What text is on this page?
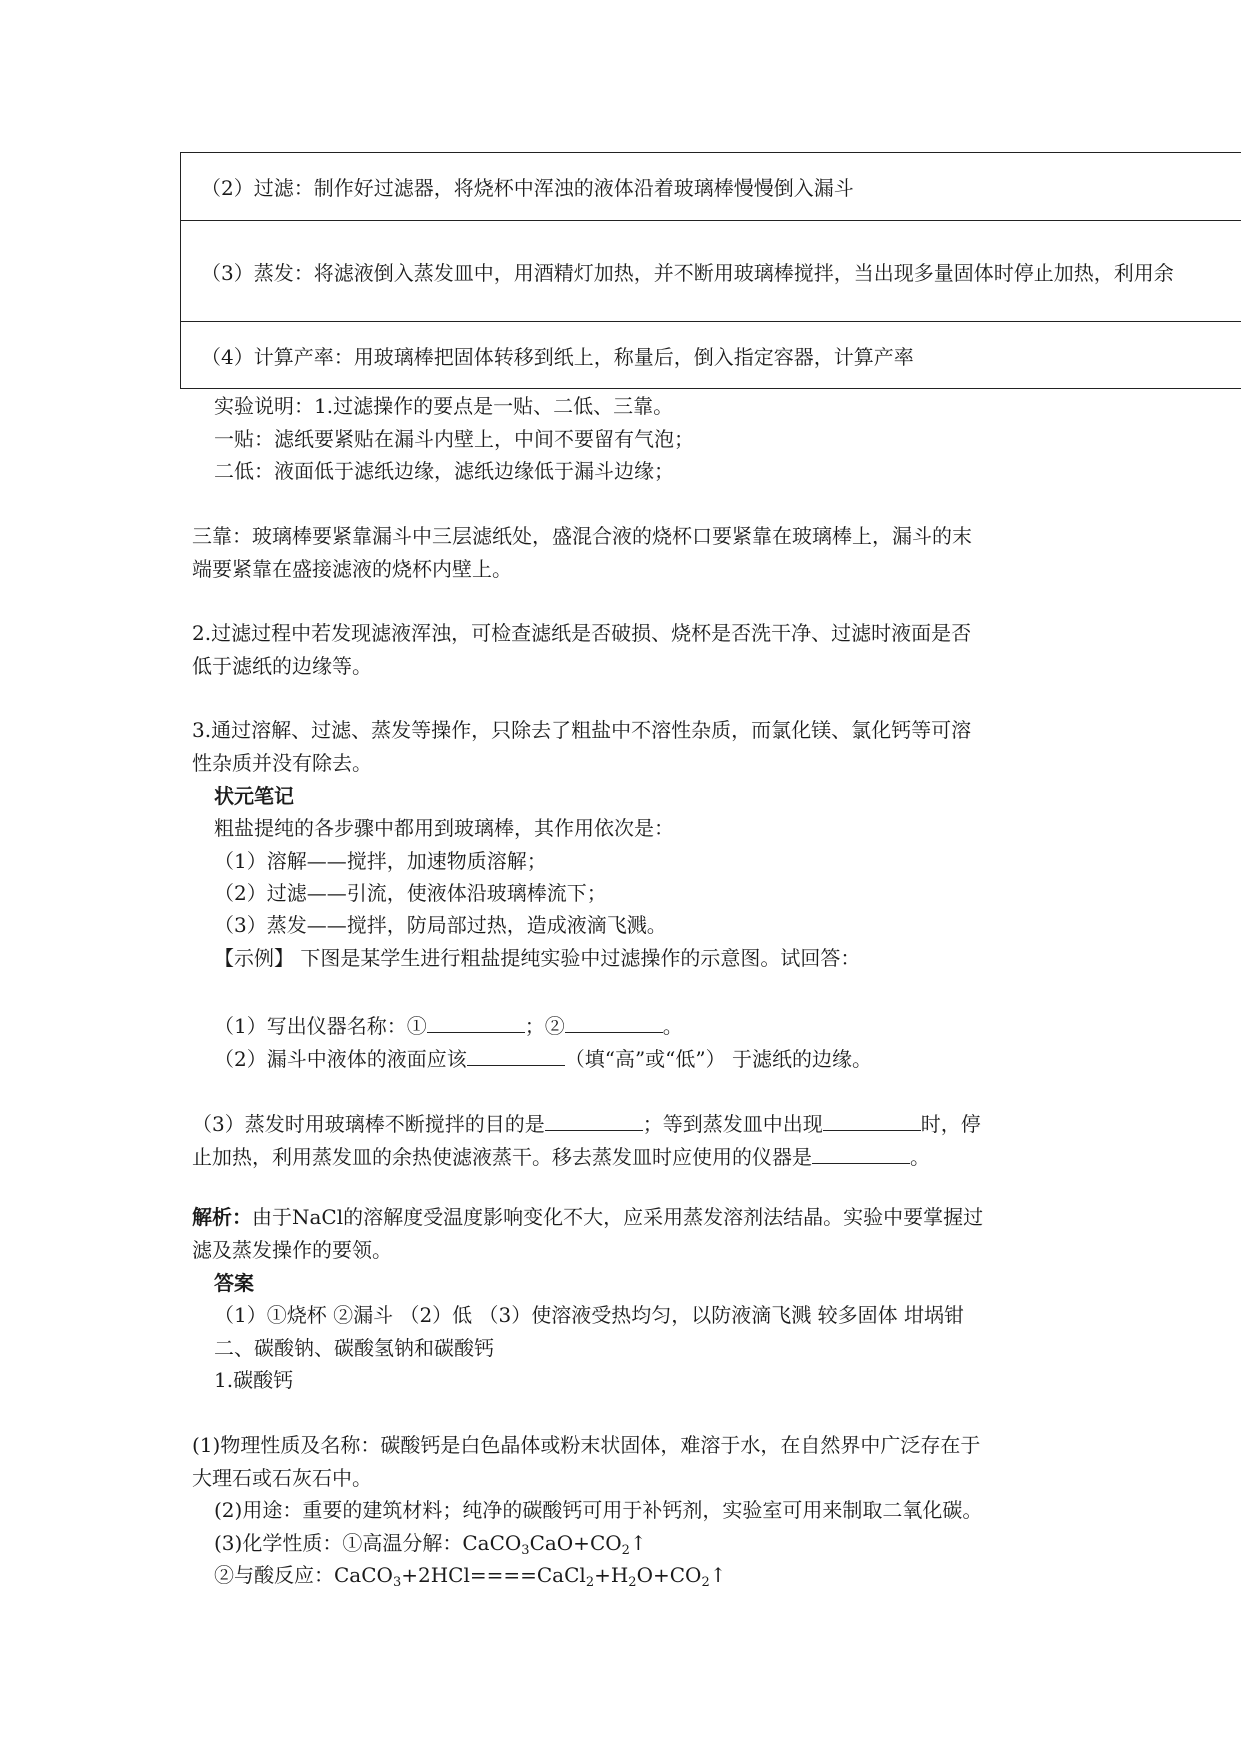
（2）过滤：制作好过滤器，将烧杯中浑浊的液体沿着玻璃棒慢慢倒入漏斗
（3）蒸发：将滤液倒入蒸发皿中，用酒精灯加热，并不断用玻璃棒搅拌，当出现多量固体时停止加热，利用余
（4）计算产率：用玻璃棒把固体转移到纸上，称量后，倒入指定容器，计算产率
实验说明：1.过滤操作的要点是一贴、二低、三靠。
一贴：滤纸要紧贴在漏斗内壁上，中间不要留有气泡；
二低：液面低于滤纸边缘，滤纸边缘低于漏斗边缘；
三靠：玻璃棒要紧靠漏斗中三层滤纸处，盛混合液的烧杯口要紧靠在玻璃棒上，漏斗的末
端要紧靠在盛接滤液的烧杯内壁上。
2.过滤过程中若发现滤液浑浊，可检查滤纸是否破损、烧杯是否洗干净、过滤时液面是否
低于滤纸的边缘等。
3.通过溶解、过滤、蒸发等操作，只除去了粗盐中不溶性杂质，而氯化镁、氯化钙等可溶
性杂质并没有除去。
状元笔记
粗盐提纯的各步骤中都用到玻璃棒，其作用依次是：
（1）溶解——搅拌，加速物质溶解；
（2）过滤——引流，使液体沿玻璃棒流下；
（3）蒸发——搅拌，防局部过热，造成液滴飞溅。
【示例】 下图是某学生进行粗盐提纯实验中过滤操作的示意图。试回答：
（1）写出仪器名称：①	；②	。
（2）漏斗中液体的液面应该	（填“高”或“低”） 于滤纸的边缘。
（3）蒸发时用玻璃棒不断搅拌的目的是	；等到蒸发皿中出现	时，停
止加热，利用蒸发皿的余热使滤液蒸干。移去蒸发皿时应使用的仪器是	。
解析：由于NaCl的溶解度受温度影响变化不大，应采用蒸发溶剂法结晶。实验中要掌握过
滤及蒸发操作的要领。
答案
（1）①烧杯 ②漏斗 （2）低 （3）使溶液受热均匀，以防液滴飞溅 较多固体 坩埚钳
二、碳酸钠、碳酸氢钠和碳酸钙
1.碳酸钙
(1)物理性质及名称：碳酸钙是白色晶体或粉末状固体，难溶于水，在自然界中广泛存在于
大理石或石灰石中。
(2)用途：重要的建筑材料；纯净的碳酸钙可用于补钙剂，实验室可用来制取二氧化碳。
(3)化学性质：①高温分解：$CaCO_3CaO+CO_2↑$
②与酸反应：$CaCO_3+2HCl====CaCl_2+H_2O+CO_2↑$
